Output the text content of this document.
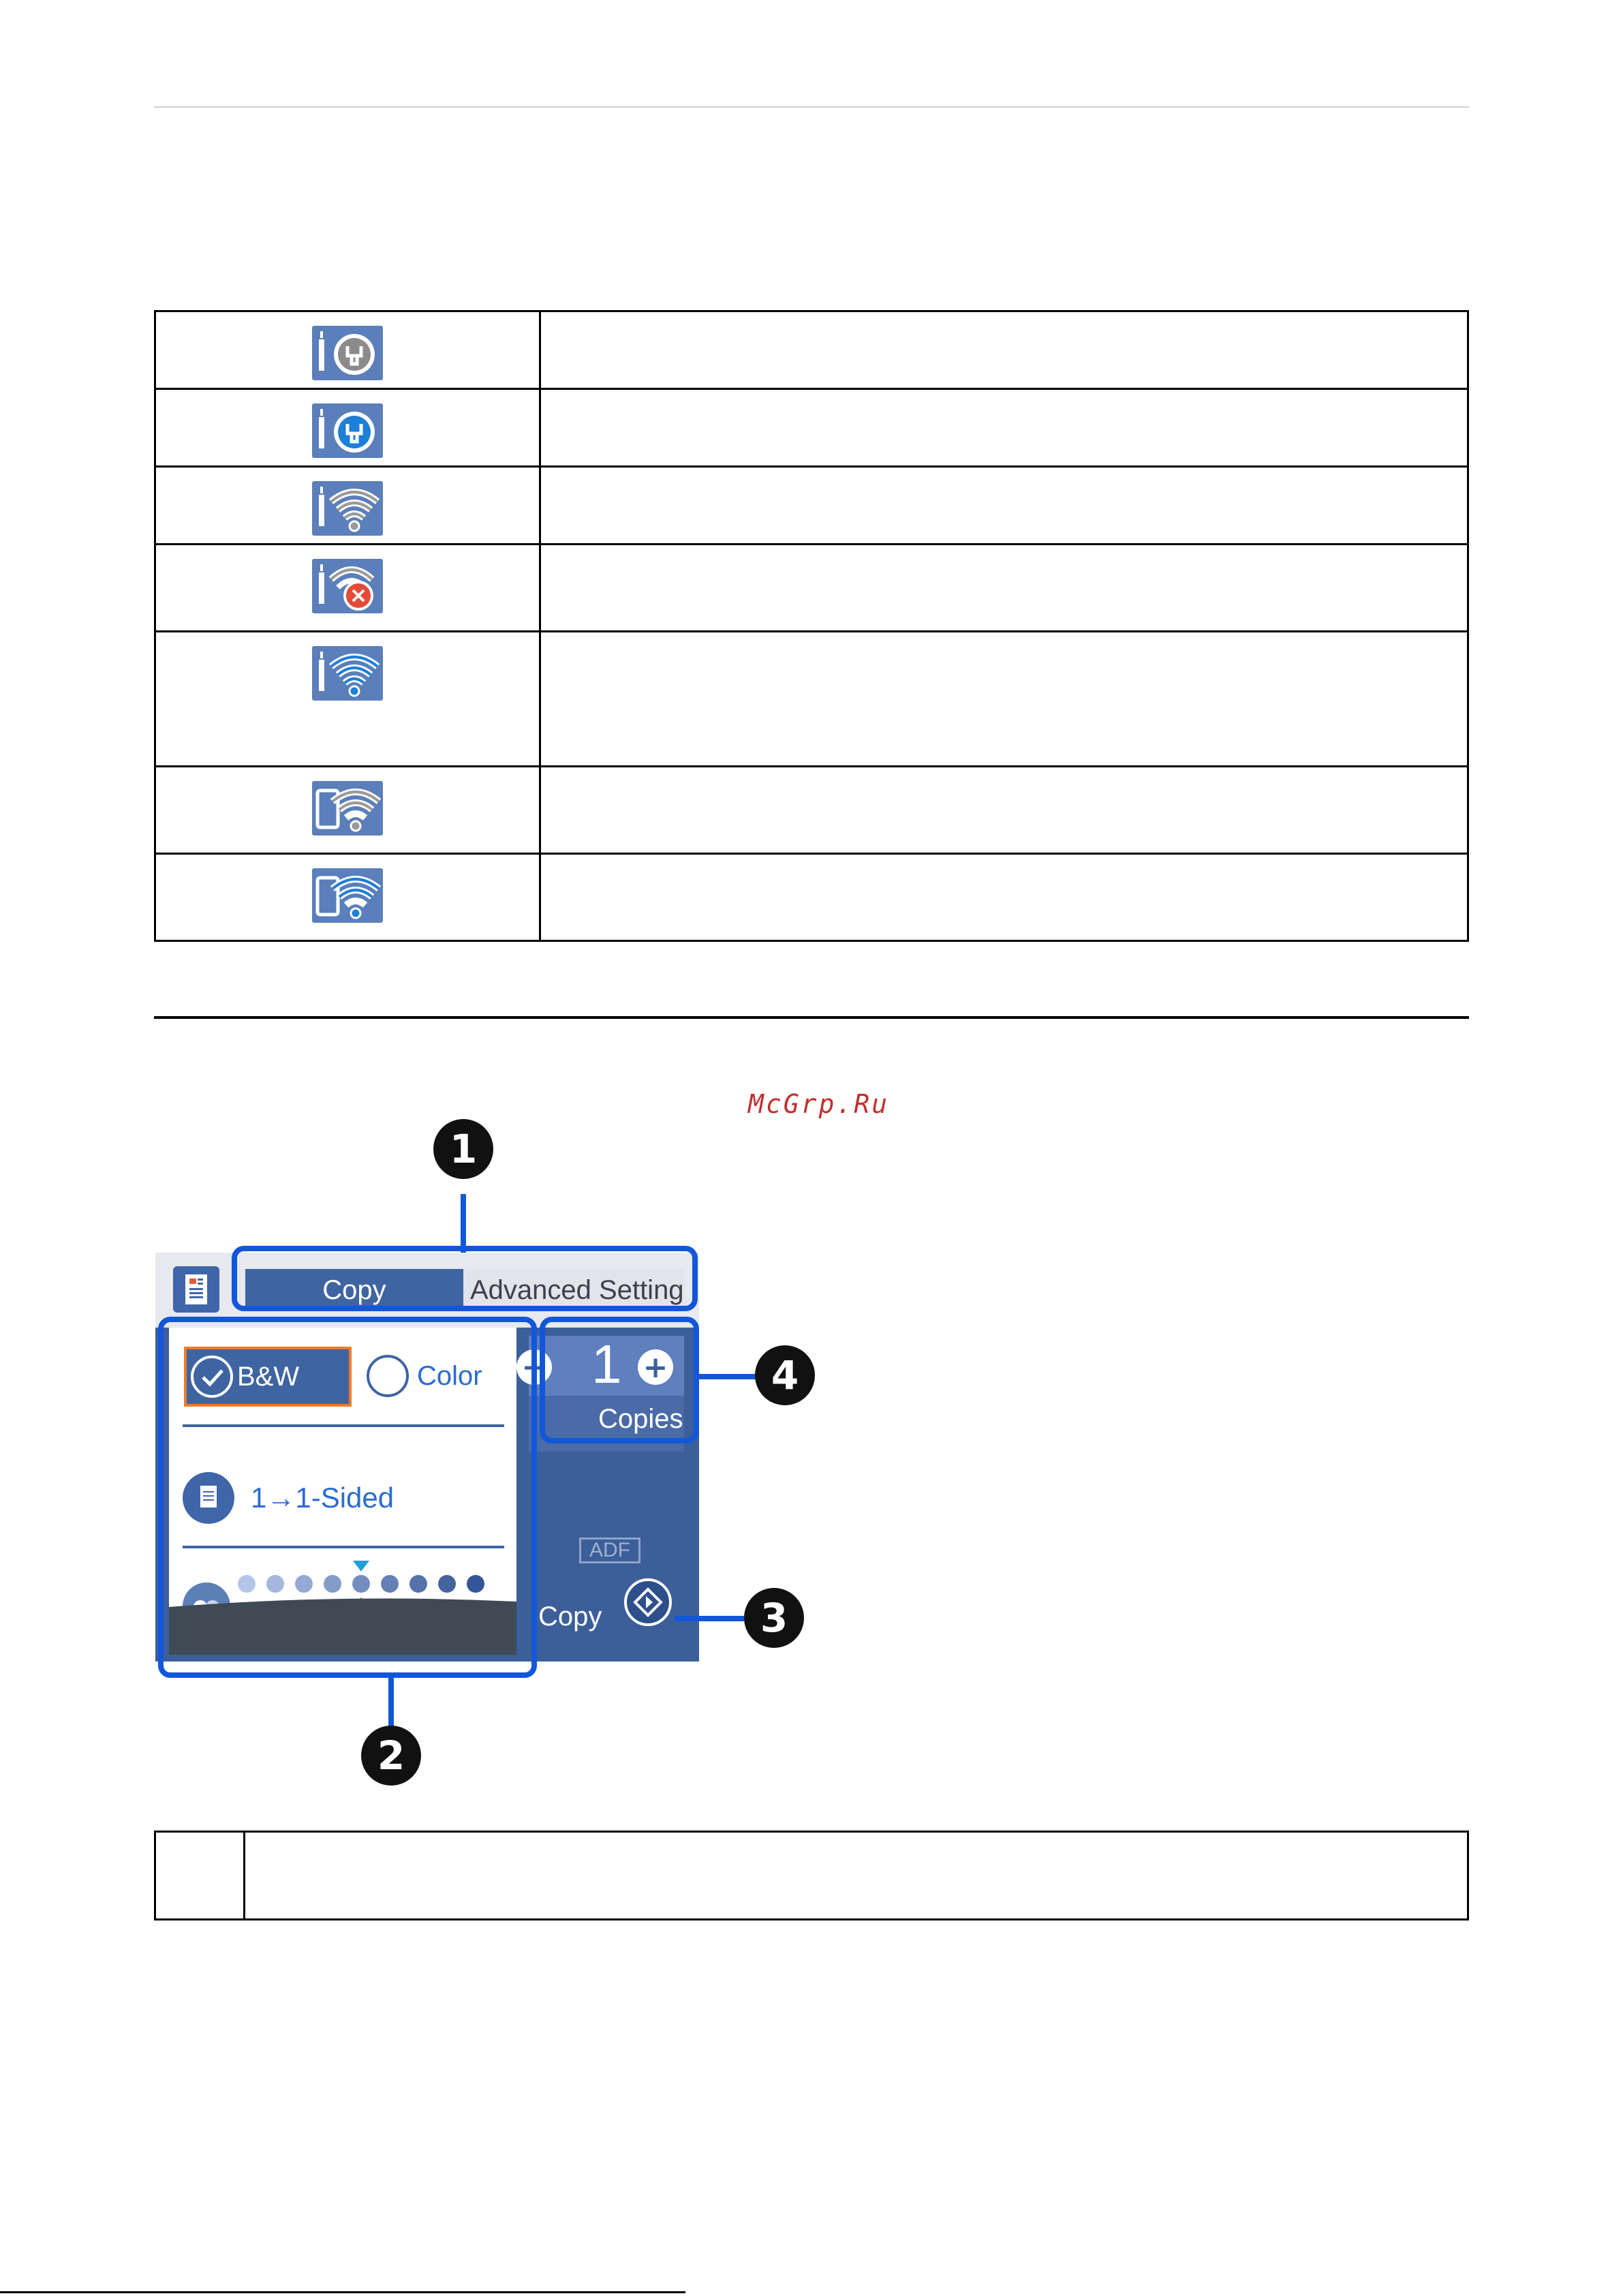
McGrp.Ru
1
Copy	Advanced Setting
B&W	Color
1→1-Sided
− 1 +
Copies
ADF
Copy
4
3
2
